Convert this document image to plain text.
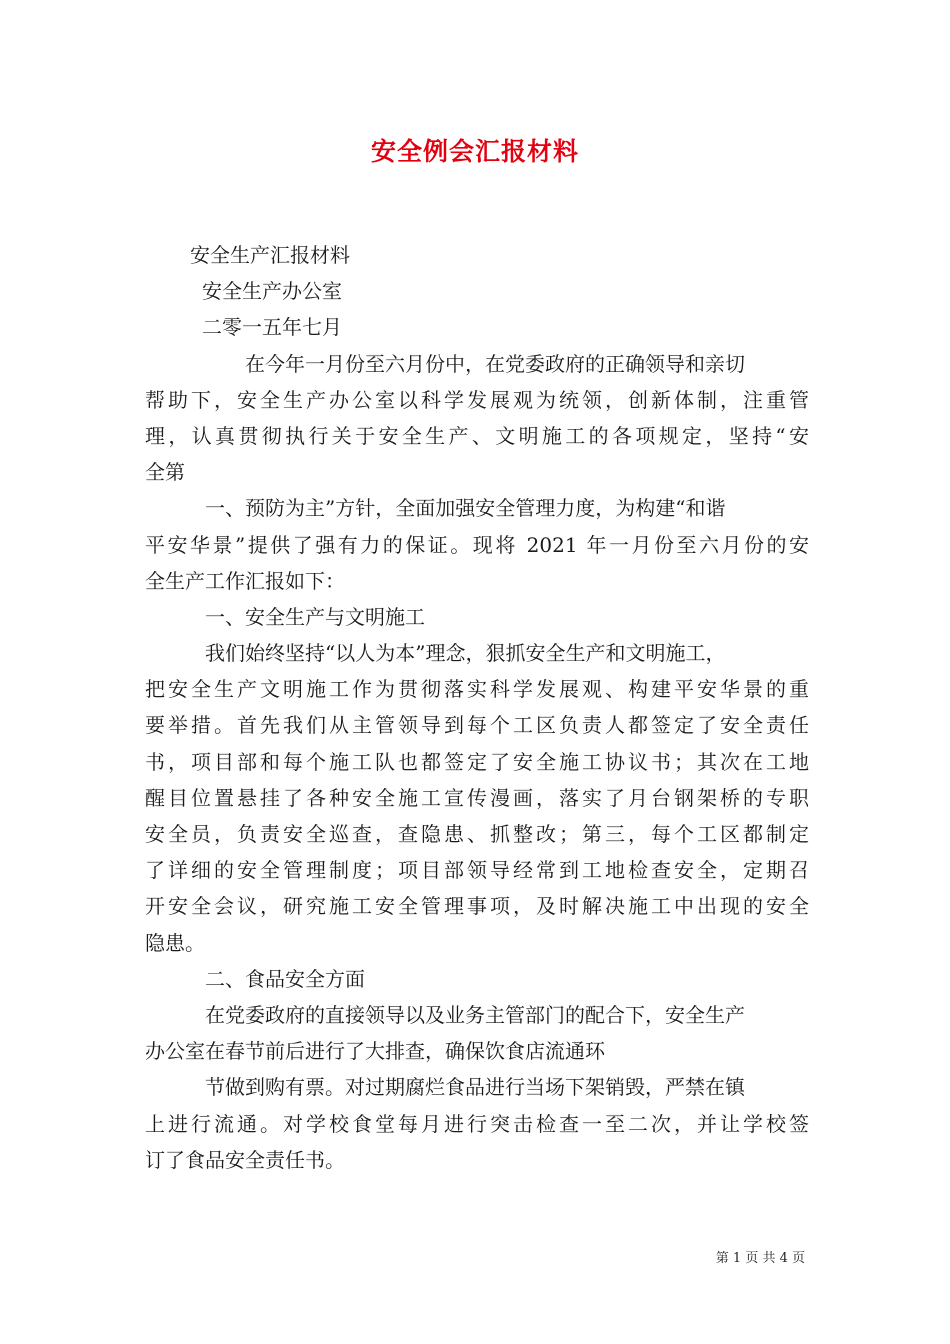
安全例会汇报材料
安全生产汇报材料
安全生产办公室
二零一五年七月
在今年一月份至六月份中，在党委政府的正确领导和亲切
帮助下，安全生产办公室以科学发展观为统领，创新体制，注重管
理，认真贯彻执行关于安全生产、文明施工的各项规定，坚持“安
全第
一、预防为主”方针，全面加强安全管理力度，为构建“和谐
平安华景”提供了强有力的保证。现将 2021 年一月份至六月份的安
全生产工作汇报如下：
一、安全生产与文明施工
我们始终坚持“以人为本”理念，狠抓安全生产和文明施工，
把安全生产文明施工作为贯彻落实科学发展观、构建平安华景的重
要举措。首先我们从主管领导到每个工区负责人都签定了安全责任
书，项目部和每个施工队也都签定了安全施工协议书；其次在工地
醒目位置悬挂了各种安全施工宣传漫画，落实了月台钢架桥的专职
安全员，负责安全巡查，查隐患、抓整改；第三，每个工区都制定
了详细的安全管理制度；项目部领导经常到工地检查安全，定期召
开安全会议，研究施工安全管理事项，及时解决施工中出现的安全
隐患。
二、食品安全方面
在党委政府的直接领导以及业务主管部门的配合下，安全生产
办公室在春节前后进行了大排查，确保饮食店流通环
节做到购有票。对过期腐烂食品进行当场下架销毁，严禁在镇
上进行流通。对学校食堂每月进行突击检查一至二次，并让学校签
订了食品安全责任书。
第 1 页 共 4 页
